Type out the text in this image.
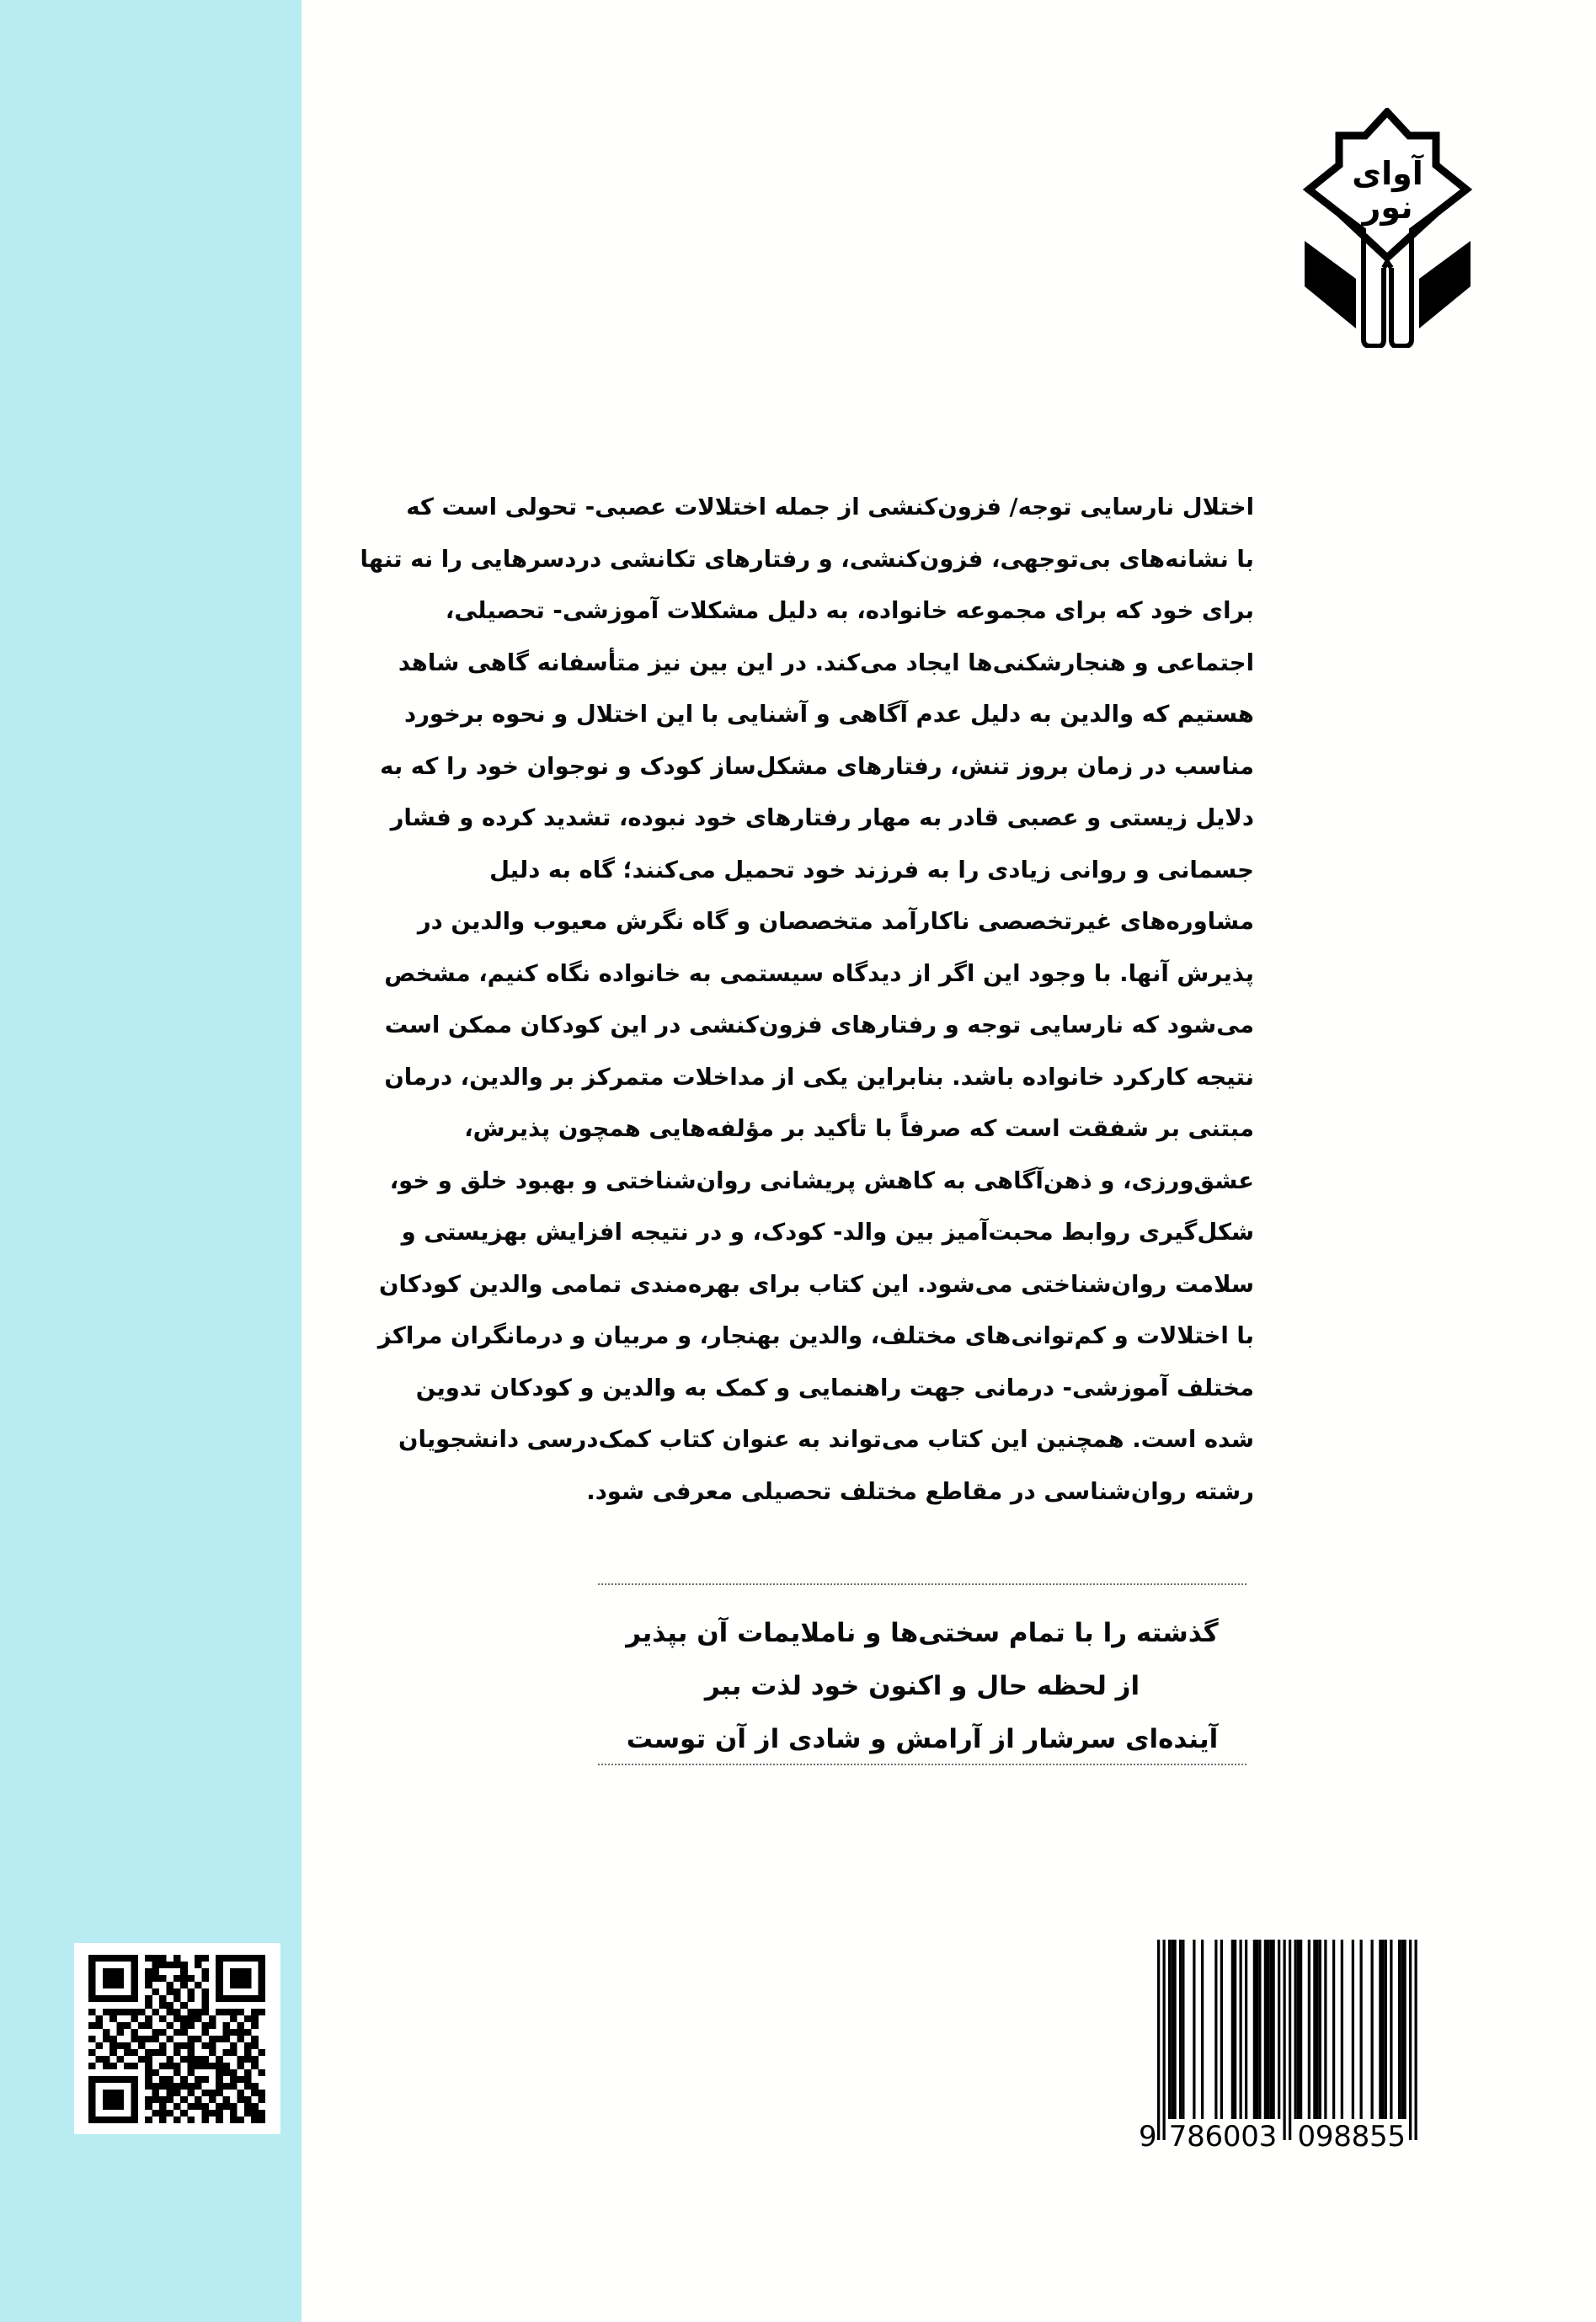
آوای
نور
اختلال نارسایی توجه/ فزون‌کنشی از جمله اختلالات عصبی- تحولی است که
با نشانه‌های بی‌توجهی، فزون‌کنشی، و رفتارهای تکانشی دردسرهایی را نه تنها
برای خود که برای مجموعه خانواده، به دلیل مشکلات آموزشی- تحصیلی،
اجتماعی و هنجارشکنی‌ها ایجاد می‌کند. در این بین نیز متأسفانه گاهی شاهد
هستیم که والدین به دلیل عدم آگاهی و آشنایی با این اختلال و نحوه برخورد
مناسب در زمان بروز تنش، رفتارهای مشکل‌ساز کودک و نوجوان خود را که به
دلایل زیستی و عصبی قادر به مهار رفتارهای خود نبوده، تشدید کرده و فشار
جسمانی و روانی زیادی را به فرزند خود تحمیل می‌کنند؛ گاه به دلیل
مشاوره‌های غیرتخصصی ناکارآمد متخصصان و گاه نگرش معیوب والدین در
پذیرش آنها. با وجود این اگر از دیدگاه سیستمی به خانواده نگاه کنیم، مشخص
می‌شود که نارسایی توجه و رفتارهای فزون‌کنشی در این کودکان ممکن است
نتیجه کارکرد خانواده باشد. بنابراین یکی از مداخلات متمرکز بر والدین، درمان
مبتنی بر شفقت است که صرفاً با تأکید بر مؤلفه‌هایی همچون پذیرش،
عشق‌ورزی، و ذهن‌آگاهی به کاهش پریشانی روان‌شناختی و بهبود خلق و خو،
شکل‌گیری روابط محبت‌آمیز بین والد- کودک، و در نتیجه افزایش بهزیستی و
سلامت روان‌شناختی می‌شود. این کتاب برای بهره‌مندی تمامی والدین کودکان
با اختلالات و کم‌توانی‌های مختلف، والدین بهنجار، و مربیان و درمانگران مراکز
مختلف آموزشی- درمانی جهت راهنمایی و کمک به والدین و کودکان تدوین
شده است. همچنین این کتاب می‌تواند به عنوان کتاب کمک‌درسی دانشجویان
رشته روان‌شناسی در مقاطع مختلف تحصیلی معرفی شود.
گذشته را با تمام سختی‌ها و ناملایمات آن بپذیر
از لحظه حال و اکنون خود لذت ببر
آینده‌ای سرشار از آرامش و شادی از آن توست
9 786003 098855
